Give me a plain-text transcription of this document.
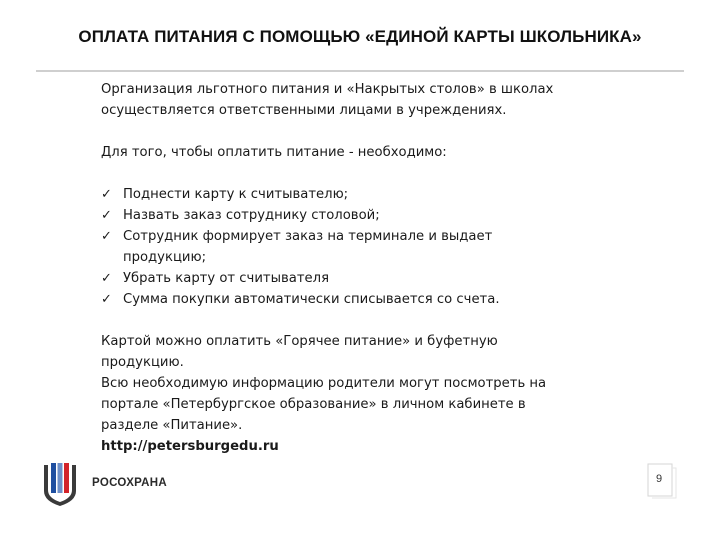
ОПЛАТА ПИТАНИЯ С ПОМОЩЬЮ «ЕДИНОЙ КАРТЫ ШКОЛЬНИКА»

Организация льготного питания и «Накрытых столов» в школах

осуществляется ответственными лицами в учреждениях.

Для того, чтобы оплатить питание - необходимо:

✓ Поднести карту к считывателю;
✓ Назвать заказ сотруднику столовой;
✓ Сотрудник формирует заказ на терминале и выдает продукцию;
✓ Убрать карту от считывателя
✓ Сумма покупки автоматически списывается со счета.

Картой можно оплатить «Горячее питание» и буфетную

продукцию.

Всю необходимую информацию родители могут посмотреть на

портале «Петербургское образование» в личном кабинете в

разделе «Питание».

http://petersburgedu.ru

РОСОХРАНА	9
